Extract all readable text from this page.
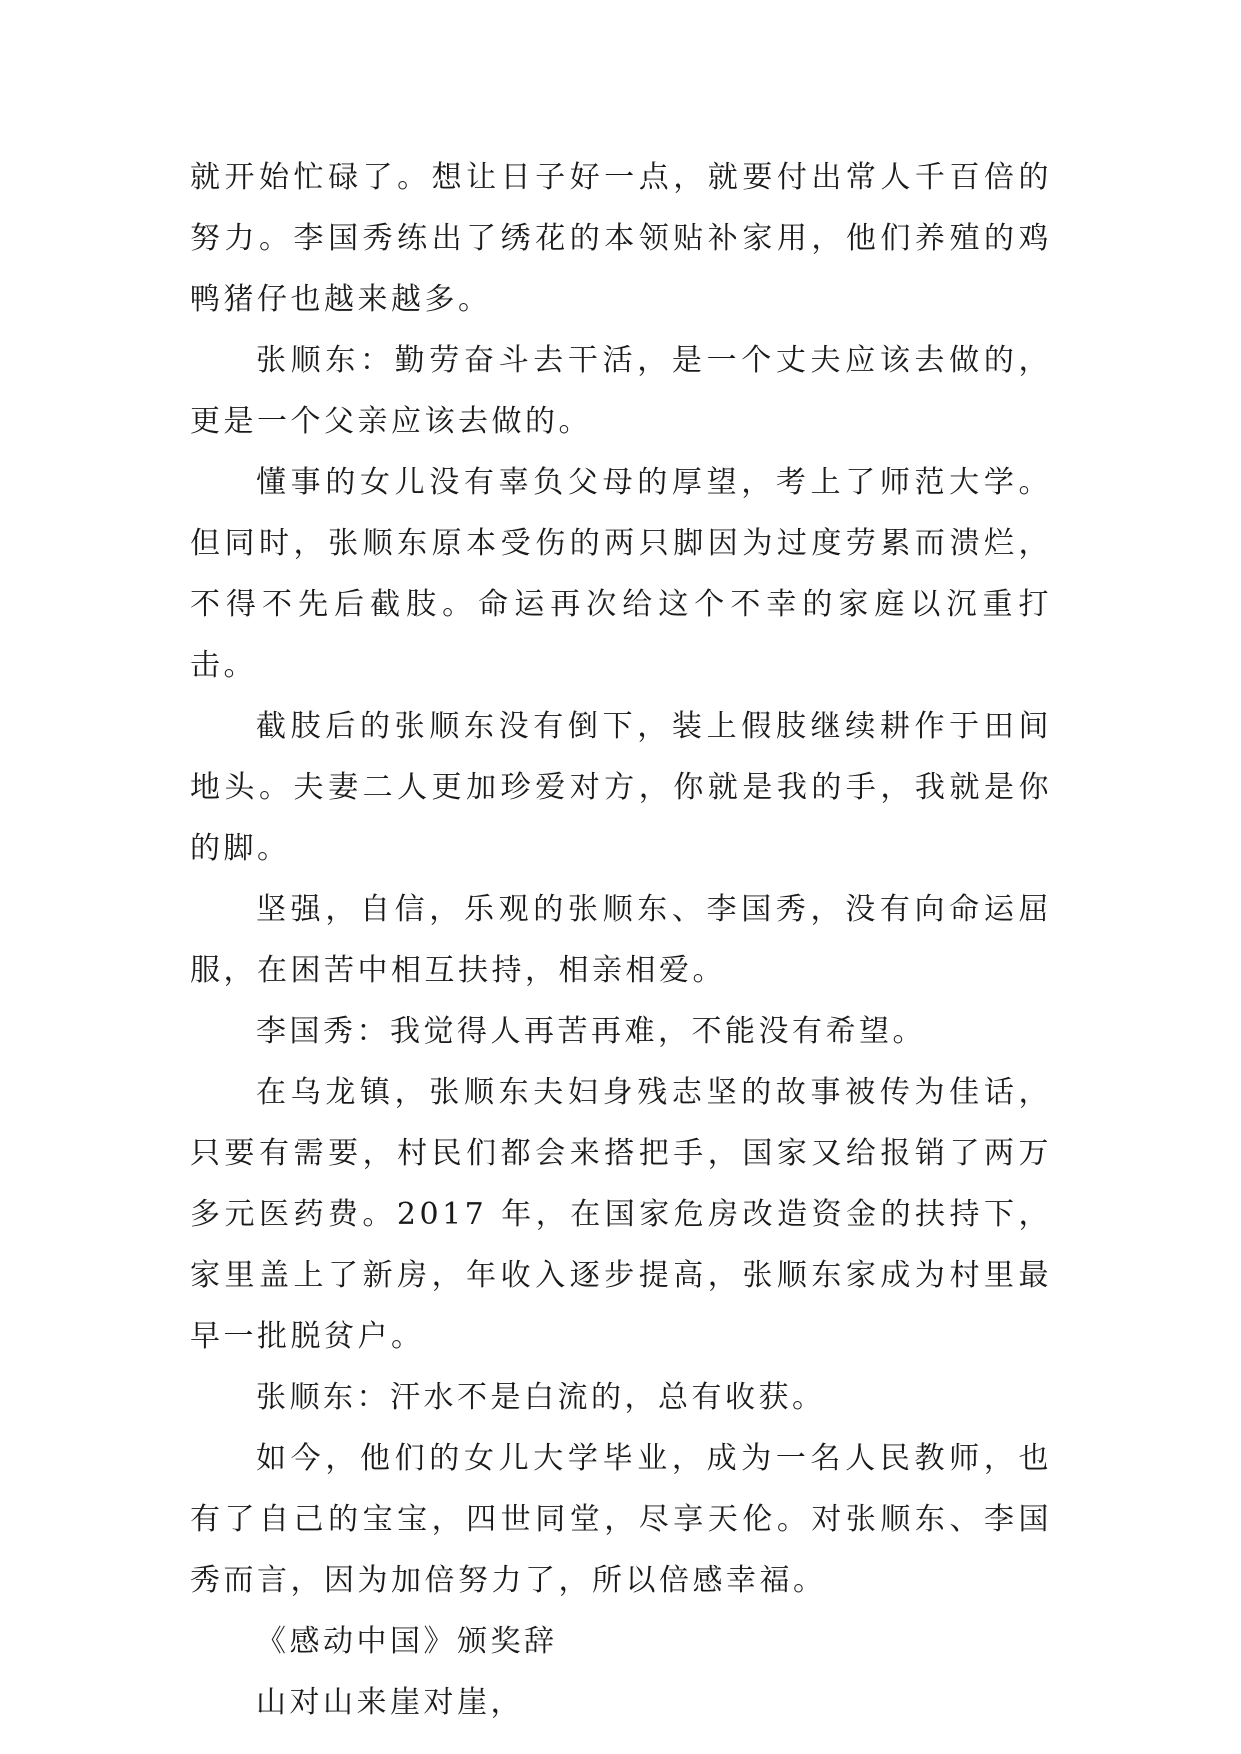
就开始忙碌了。想让日子好一点，就要付出常人千百倍的努力。李国秀练出了绣花的本领贴补家用，他们养殖的鸡鸭猪仔也越来越多。

张顺东：勤劳奋斗去干活，是一个丈夫应该去做的，更是一个父亲应该去做的。

懂事的女儿没有辜负父母的厚望，考上了师范大学。但同时，张顺东原本受伤的两只脚因为过度劳累而溃烂，不得不先后截肢。命运再次给这个不幸的家庭以沉重打击。

截肢后的张顺东没有倒下，装上假肢继续耕作于田间地头。夫妻二人更加珍爱对方，你就是我的手，我就是你的脚。

坚强，自信，乐观的张顺东、李国秀，没有向命运屈服，在困苦中相互扶持，相亲相爱。

李国秀：我觉得人再苦再难，不能没有希望。

在乌龙镇，张顺东夫妇身残志坚的故事被传为佳话，只要有需要，村民们都会来搭把手，国家又给报销了两万多元医药费。2017 年，在国家危房改造资金的扶持下，家里盖上了新房，年收入逐步提高，张顺东家成为村里最早一批脱贫户。

张顺东：汗水不是白流的，总有收获。

如今，他们的女儿大学毕业，成为一名人民教师，也有了自己的宝宝，四世同堂，尽享天伦。对张顺东、李国秀而言，因为加倍努力了，所以倍感幸福。

《感动中国》颁奖辞

山对山来崖对崖，
